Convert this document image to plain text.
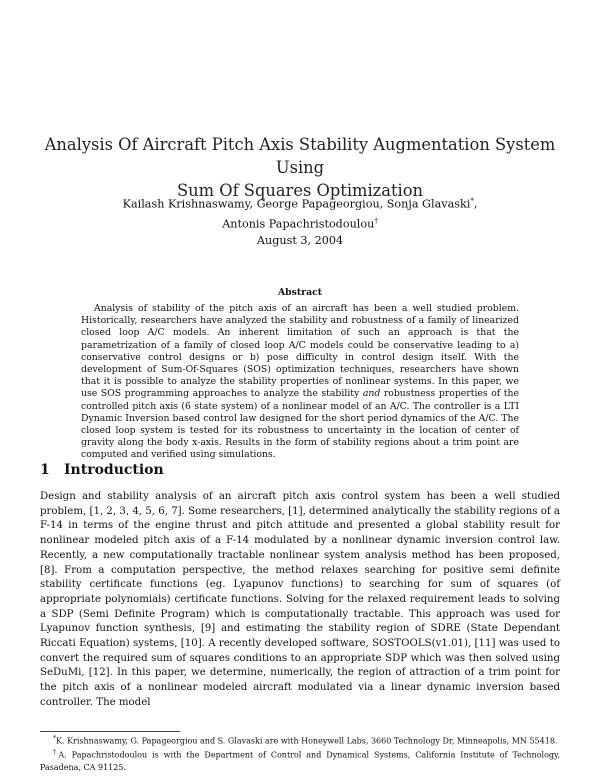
Analysis Of Aircraft Pitch Axis Stability Augmentation System Using
Sum Of Squares Optimization
Kailash Krishnaswamy, George Papageorgiou, Sonja Glavaski*,
Antonis Papachristodoulou†
August 3, 2004
Abstract
Analysis of stability of the pitch axis of an aircraft has been a well studied problem. Historically, researchers have analyzed the stability and robustness of a family of linearized closed loop A/C models. An inherent limitation of such an approach is that the parametrization of a family of closed loop A/C models could be conservative leading to a) conservative control designs or b) pose difficulty in control design itself. With the development of Sum-Of-Squares (SOS) optimization techniques, researchers have shown that it is possible to analyze the stability properties of nonlinear systems. In this paper, we use SOS programming approaches to analyze the stability and robustness properties of the controlled pitch axis (6 state system) of a nonlinear model of an A/C. The controller is a LTI Dynamic Inversion based control law designed for the short period dynamics of the A/C. The closed loop system is tested for its robustness to uncertainty in the location of center of gravity along the body x-axis. Results in the form of stability regions about a trim point are computed and verified using simulations.
1 Introduction
Design and stability analysis of an aircraft pitch axis control system has been a well studied problem, [1, 2, 3, 4, 5, 6, 7]. Some researchers, [1], determined analytically the stability regions of a F-14 in terms of the engine thrust and pitch attitude and presented a global stability result for nonlinear modeled pitch axis of a F-14 modulated by a nonlinear dynamic inversion control law. Recently, a new computationally tractable nonlinear system analysis method has been proposed, [8]. From a computation perspective, the method relaxes searching for positive semi definite stability certificate functions (eg. Lyapunov functions) to searching for sum of squares (of appropriate polynomials) certificate functions. Solving for the relaxed requirement leads to solving a SDP (Semi Definite Program) which is computationally tractable. This approach was used for Lyapunov function synthesis, [9] and estimating the stability region of SDRE (State Dependant Riccati Equation) systems, [10]. A recently developed software, SOSTOOLS(v1.01), [11] was used to convert the required sum of squares conditions to an appropriate SDP which was then solved using SeDuMi, [12]. In this paper, we determine, numerically, the region of attraction of a trim point for the pitch axis of a nonlinear modeled aircraft modulated via a linear dynamic inversion based controller. The model

*K. Krishnaswamy, G. Papageorgiou and S. Glavaski are with Honeywell Labs, 3660 Technology Dr, Minneapolis, MN 55418.

†A. Papachristodoulou is with the Department of Control and Dynamical Systems, California Institute of Technology, Pasadena, CA 91125.
